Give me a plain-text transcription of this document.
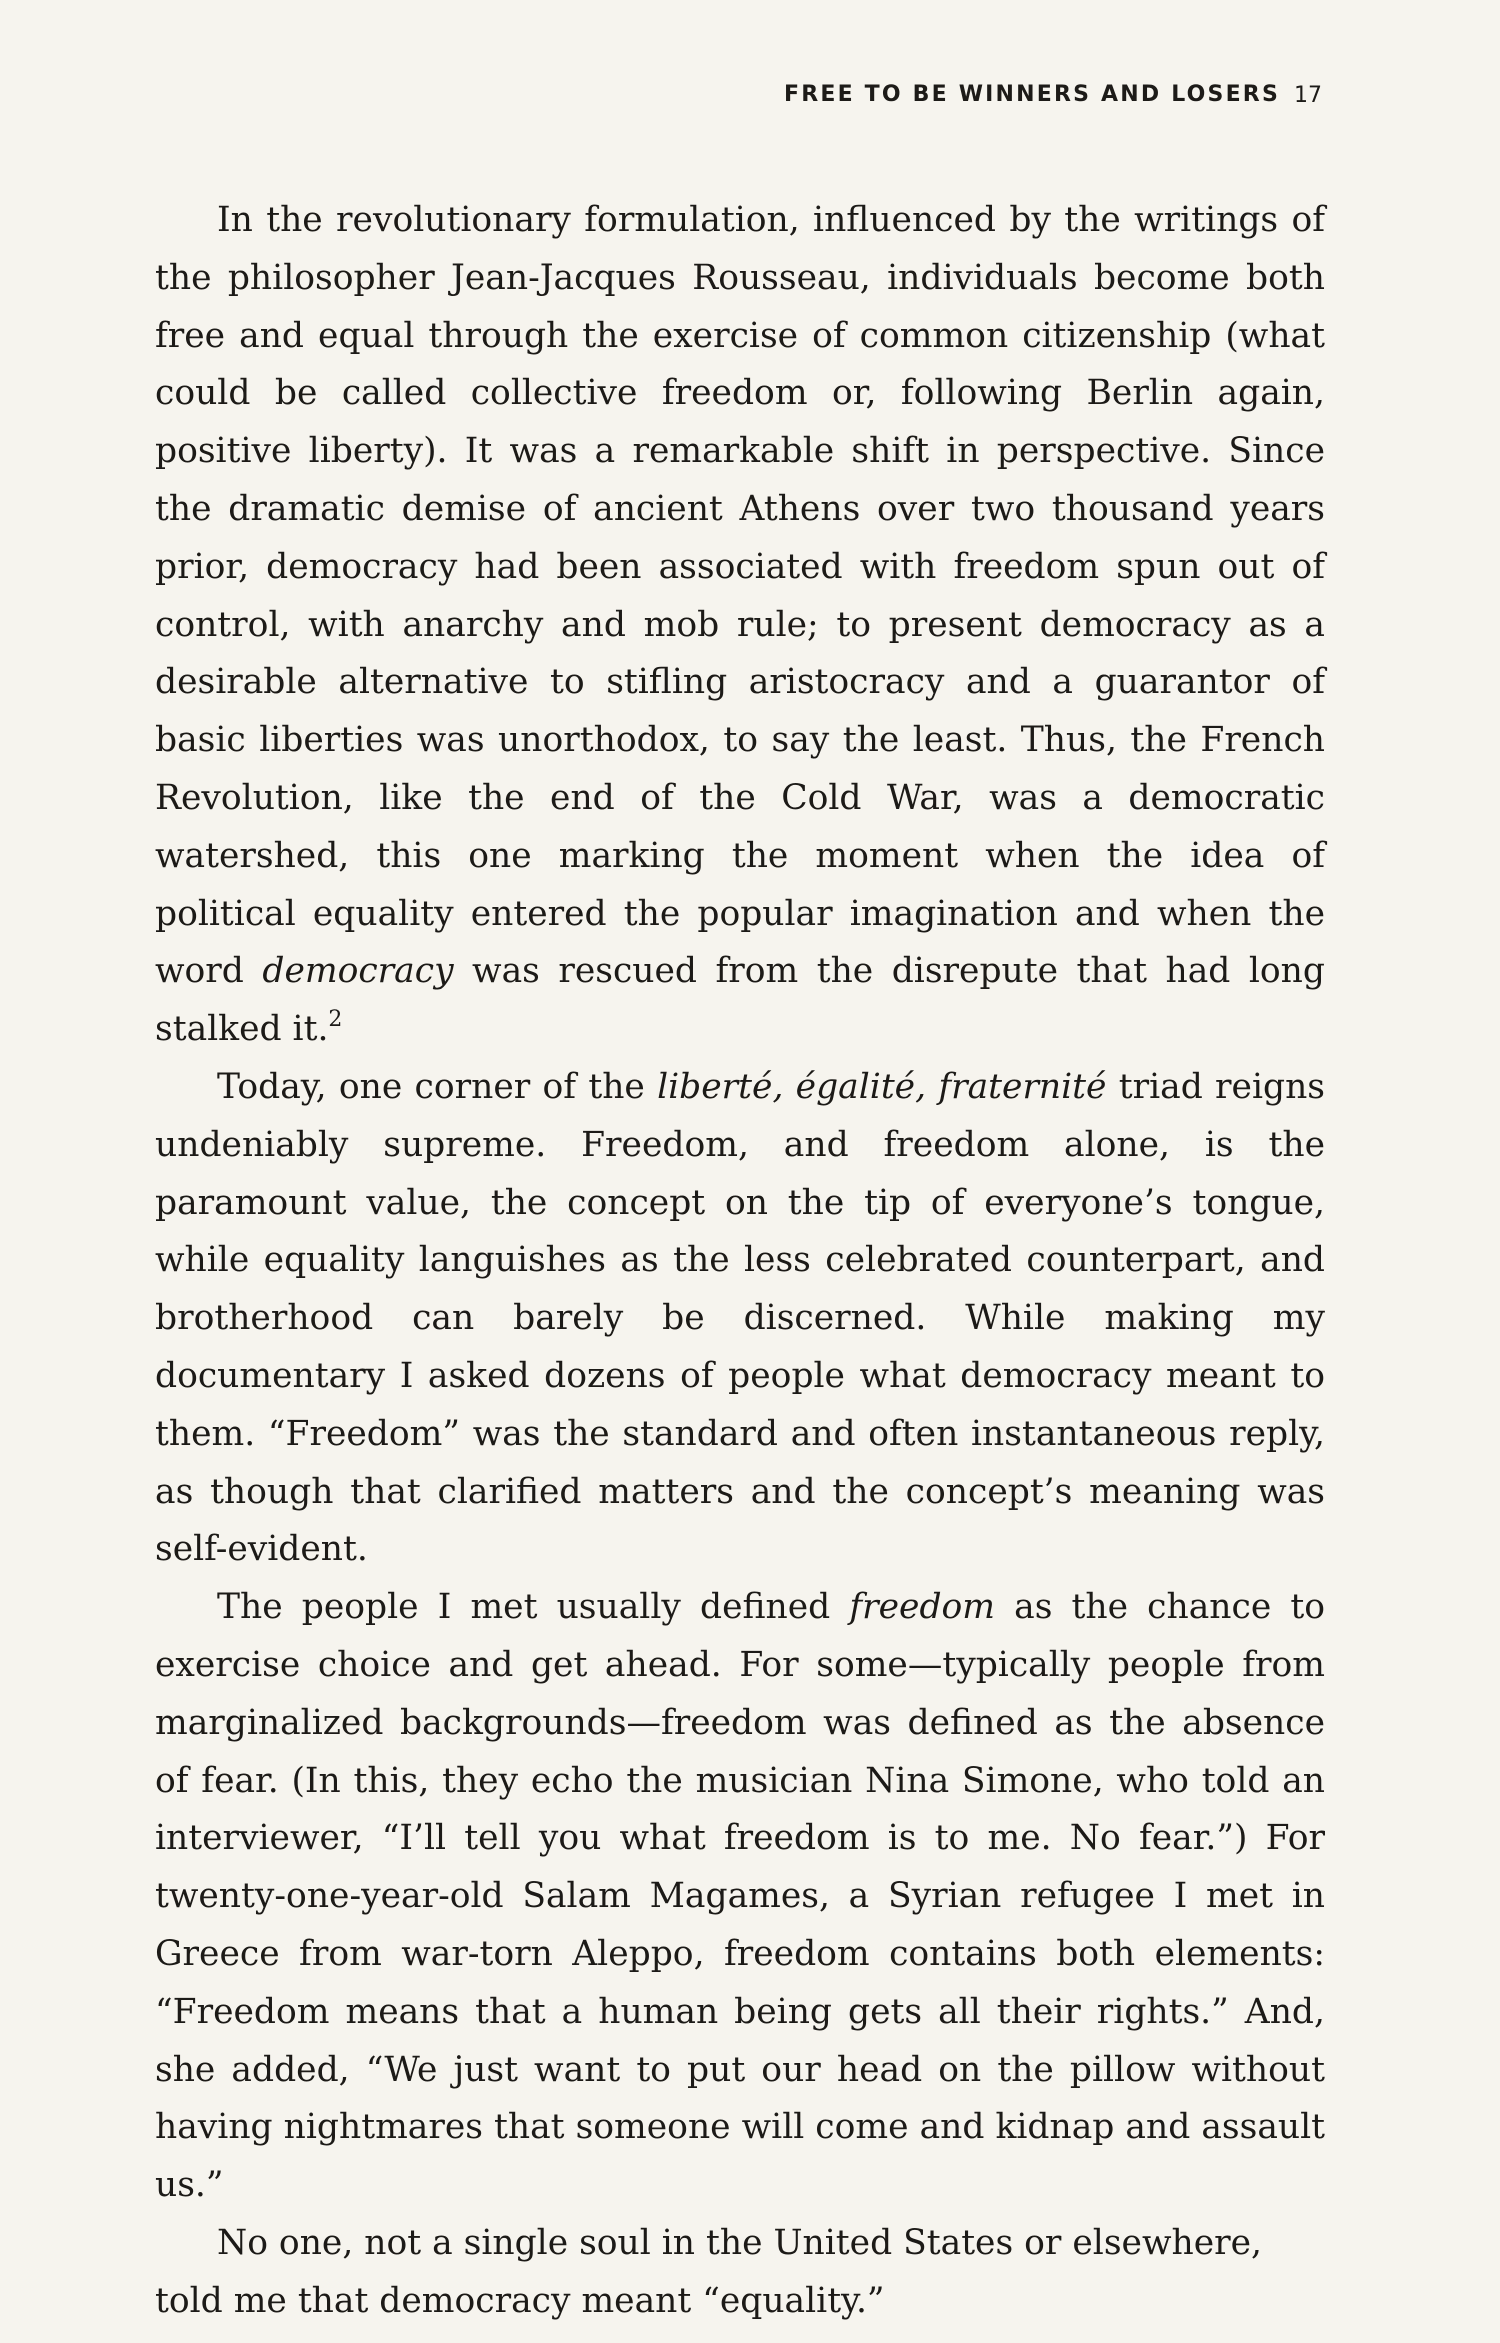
FREE TO BE WINNERS AND LOSERS 17

In the revolutionary formulation, influenced by the writings of the philosopher Jean-Jacques Rousseau, individuals become both free and equal through the exercise of common citizenship (what could be called collective freedom or, following Berlin again, positive liberty). It was a remarkable shift in perspective. Since the dramatic demise of ancient Athens over two thousand years prior, democracy had been associated with freedom spun out of control, with anarchy and mob rule; to present democracy as a desirable alternative to stifling aristocracy and a guarantor of basic liberties was unorthodox, to say the least. Thus, the French Revolution, like the end of the Cold War, was a democratic watershed, this one marking the moment when the idea of political equality entered the popular imagination and when the word democracy was rescued from the disrepute that had long stalked it.$^2$

Today, one corner of the liberté, égalité, fraternité triad reigns undeniably supreme. Freedom, and freedom alone, is the paramount value, the concept on the tip of everyone’s tongue, while equality languishes as the less celebrated counterpart, and brotherhood can barely be discerned. While making my documentary I asked dozens of people what democracy meant to them. “Freedom” was the standard and often instantaneous reply, as though that clarified matters and the concept’s meaning was self-evident.

The people I met usually defined freedom as the chance to exercise choice and get ahead. For some—typically people from marginalized backgrounds—freedom was defined as the absence of fear. (In this, they echo the musician Nina Simone, who told an interviewer, “I’ll tell you what freedom is to me. No fear.”) For twenty-one-year-old Salam Magames, a Syrian refugee I met in Greece from war-torn Aleppo, freedom contains both elements: “Freedom means that a human being gets all their rights.” And, she added, “We just want to put our head on the pillow without having nightmares that someone will come and kidnap and assault us.”

No one, not a single soul in the United States or elsewhere, told me that democracy meant “equality.”
